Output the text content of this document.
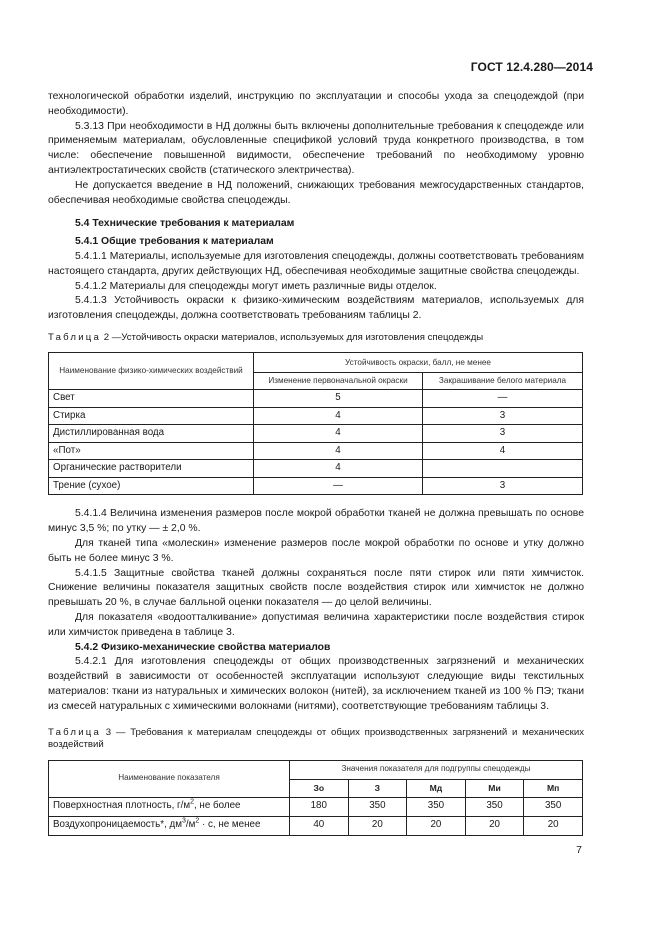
ГОСТ 12.4.280—2014

технологической обработки изделий, инструкцию по эксплуатации и способы ухода за спецодеждой (при необходимости).

5.3.13 При необходимости в НД должны быть включены дополнительные требования к спецодежде или применяемым материалам, обусловленные спецификой условий труда конкретного производства, в том числе: обеспечение повышенной видимости, обеспечение требований по необходимому уровню антиэлектростатических свойств (статического электричества).

Не допускается введение в НД положений, снижающих требования межгосударственных стандартов, обеспечивая необходимые свойства спецодежды.

5.4 Технические требования к материалам

5.4.1 Общие требования к материалам

5.4.1.1 Материалы, используемые для изготовления спецодежды, должны соответствовать требованиям настоящего стандарта, других действующих НД, обеспечивая необходимые защитные свойства спецодежды.

5.4.1.2 Материалы для спецодежды могут иметь различные виды отделок.

5.4.1.3 Устойчивость окраски к физико-химическим воздействиям материалов, используемых для изготовления спецодежды, должна соответствовать требованиям таблицы 2.

Таблица 2 —Устойчивость окраски материалов, используемых для изготовления спецодежды

Наименование физико-химических воздействий	Устойчивость окраски, балл, не менее	
	Изменение первоначальной окраски	Закрашивание белого материала
Свет	5	—
Стирка	4	3
Дистиллированная вода	4	3
«Пот»	4	4
Органические растворители	4	
Трение (сухое)	—	3

5.4.1.4 Величина изменения размеров после мокрой обработки тканей не должна превышать по основе минус 3,5 %; по утку — ± 2,0 %.

Для тканей типа «молескин» изменение размеров после мокрой обработки по основе и утку должно быть не более минус 3 %.

5.4.1.5 Защитные свойства тканей должны сохраняться после пяти стирок или пяти химчисток. Снижение величины показателя защитных свойств после воздействия стирок или химчисток не должно превышать 20 %, в случае балльной оценки показателя — до целой величины.

Для показателя «водоотталкивание» допустимая величина характеристики после воздействия стирок или химчисток приведена в таблице 3.

5.4.2 Физико-механические свойства материалов

5.4.2.1 Для изготовления спецодежды от общих производственных загрязнений и механических воздействий в зависимости от особенностей эксплуатации используют следующие виды текстильных материалов: ткани из натуральных и химических волокон (нитей), за исключением тканей из 100 % ПЭ; ткани из смесей натуральных с химическими волокнами (нитями), соответствующие требованиям таблицы 3.

Таблица 3 — Требования к материалам спецодежды от общих производственных загрязнений и механических воздействий

Наименование показателя	Значения показателя для подгруппы спецодежды				
	Зо	З	Мд	Ми	Мп
Поверхностная плотность, $г/м^2$, не более	180	350	350	350	350
Воздухопроницаемость*, $дм^3/м^2 \cdot с$, не менее	40	20	20	20	20
7
